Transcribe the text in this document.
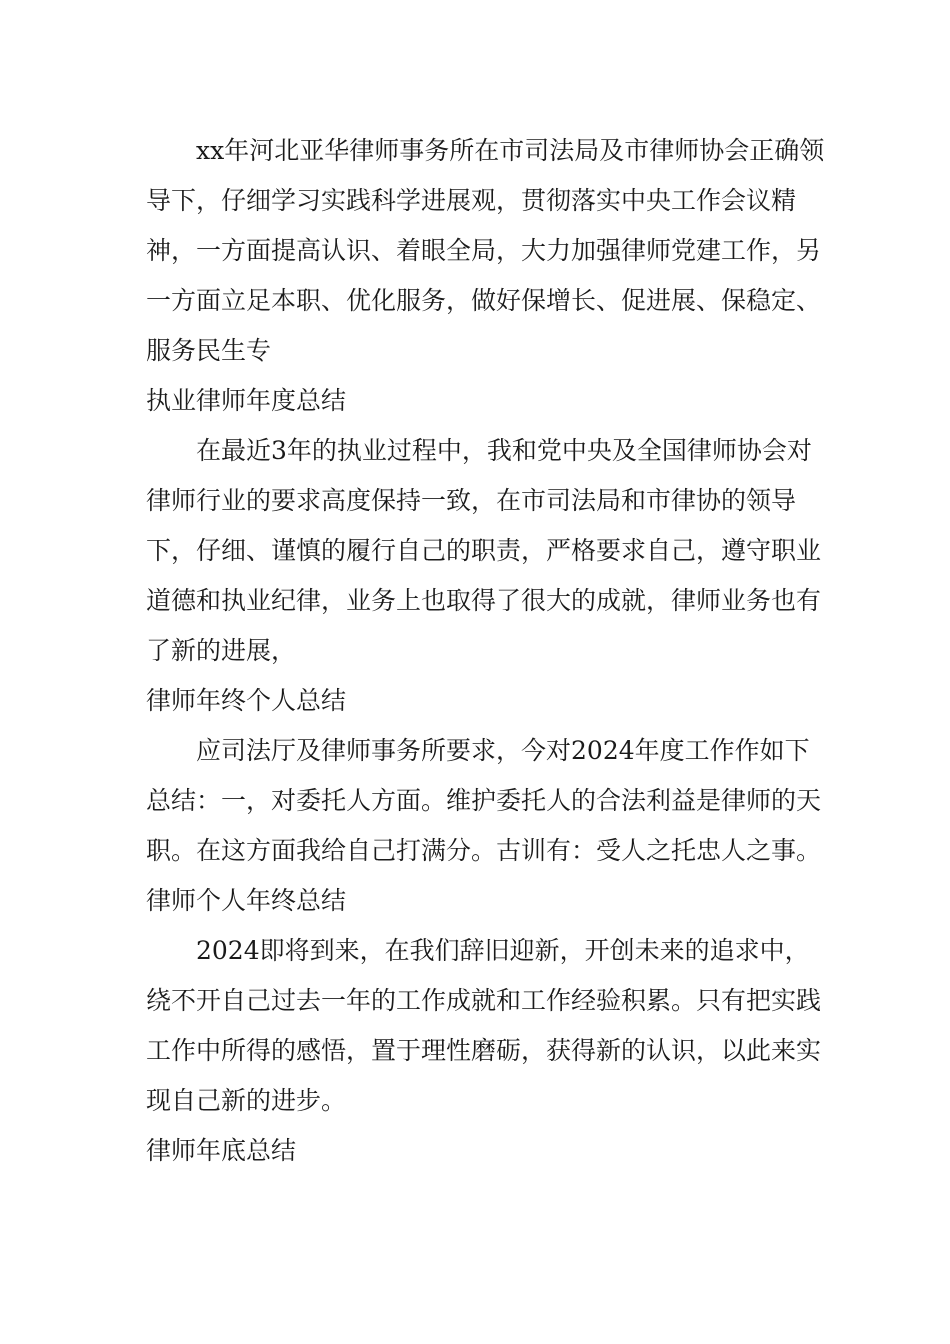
xx年河北亚华律师事务所在市司法局及市律师协会正确领导下，仔细学习实践科学进展观，贯彻落实中央工作会议精神，一方面提高认识、着眼全局，大力加强律师党建工作，另一方面立足本职、优化服务，做好保增长、促进展、保稳定、服务民生专

执业律师年度总结

在最近3年的执业过程中，我和党中央及全国律师协会对律师行业的要求高度保持一致，在市司法局和市律协的领导下，仔细、谨慎的履行自己的职责，严格要求自己，遵守职业道德和执业纪律，业务上也取得了很大的成就，律师业务也有了新的进展，

律师年终个人总结

应司法厅及律师事务所要求，今对2024年度工作作如下总结：一，对委托人方面。维护委托人的合法利益是律师的天职。在这方面我给自己打满分。古训有：受人之托忠人之事。

律师个人年终总结

2024即将到来，在我们辞旧迎新，开创未来的追求中，绕不开自己过去一年的工作成就和工作经验积累。只有把实践工作中所得的感悟，置于理性磨砺，获得新的认识，以此来实现自己新的进步。

律师年底总结
